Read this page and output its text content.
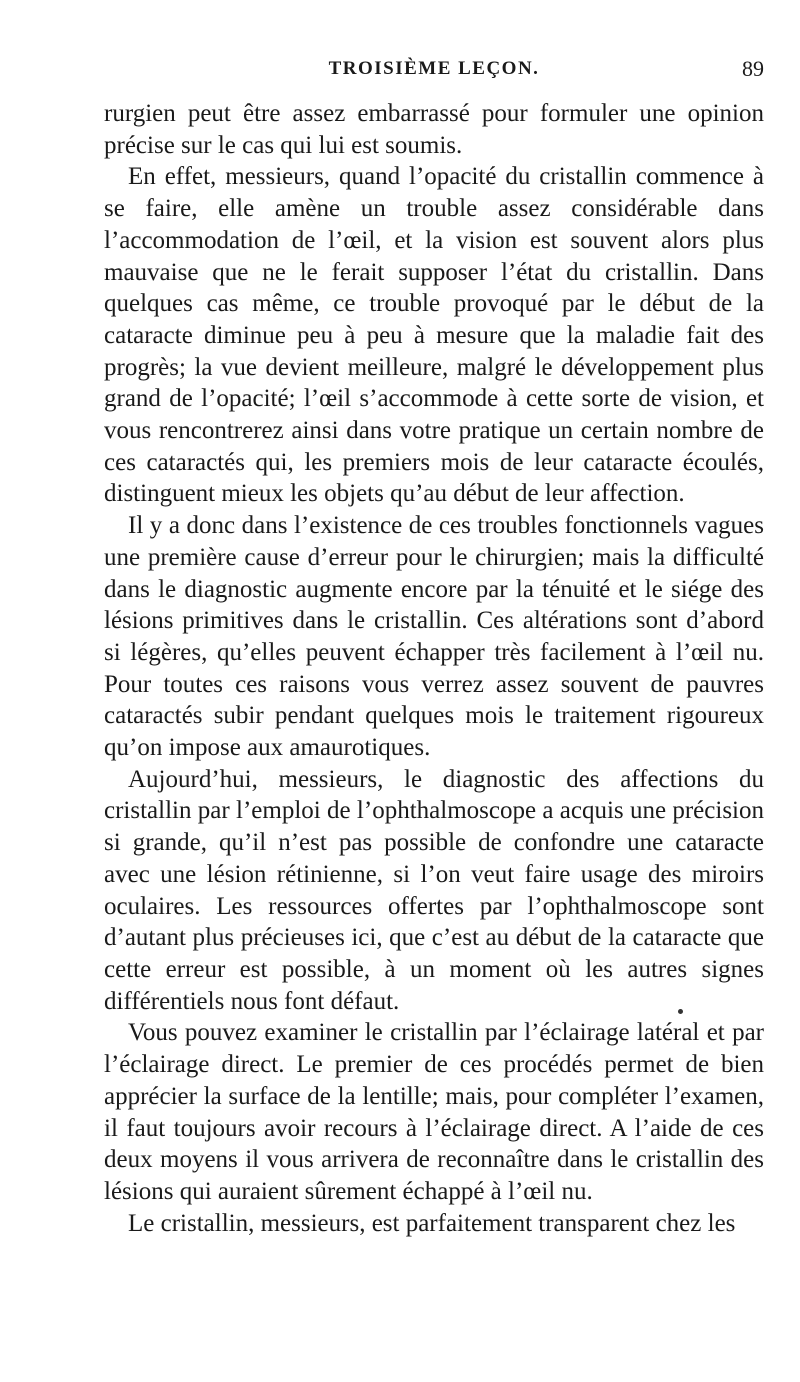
TROISIÈME LEÇON.	89

rurgien peut être assez embarrassé pour formuler une opinion précise sur le cas qui lui est soumis.

En effet, messieurs, quand l’opacité du cristallin commence à se faire, elle amène un trouble assez considérable dans l’accommodation de l’œil, et la vision est souvent alors plus mauvaise que ne le ferait supposer l’état du cristallin. Dans quelques cas même, ce trouble provoqué par le début de la cataracte diminue peu à peu à mesure que la maladie fait des progrès; la vue devient meilleure, malgré le développement plus grand de l’opacité; l’œil s’accommode à cette sorte de vision, et vous rencontrerez ainsi dans votre pratique un certain nombre de ces cataractés qui, les premiers mois de leur cataracte écoulés, distinguent mieux les objets qu’au début de leur affection.

Il y a donc dans l’existence de ces troubles fonctionnels vagues une première cause d’erreur pour le chirurgien; mais la difficulté dans le diagnostic augmente encore par la ténuité et le siége des lésions primitives dans le cristallin. Ces altérations sont d’abord si légères, qu’elles peuvent échapper très facilement à l’œil nu. Pour toutes ces raisons vous verrez assez souvent de pauvres cataractés subir pendant quelques mois le traitement rigoureux qu’on impose aux amaurotiques.

Aujourd’hui, messieurs, le diagnostic des affections du cristallin par l’emploi de l’ophthalmoscope a acquis une précision si grande, qu’il n’est pas possible de confondre une cataracte avec une lésion rétinienne, si l’on veut faire usage des miroirs oculaires. Les ressources offertes par l’ophthalmoscope sont d’autant plus précieuses ici, que c’est au début de la cataracte que cette erreur est possible, à un moment où les autres signes différentiels nous font défaut.

Vous pouvez examiner le cristallin par l’éclairage latéral et par l’éclairage direct. Le premier de ces procédés permet de bien apprécier la surface de la lentille; mais, pour compléter l’examen, il faut toujours avoir recours à l’éclairage direct. A l’aide de ces deux moyens il vous arrivera de reconnaître dans le cristallin des lésions qui auraient sûrement échappé à l’œil nu.

Le cristallin, messieurs, est parfaitement transparent chez les
